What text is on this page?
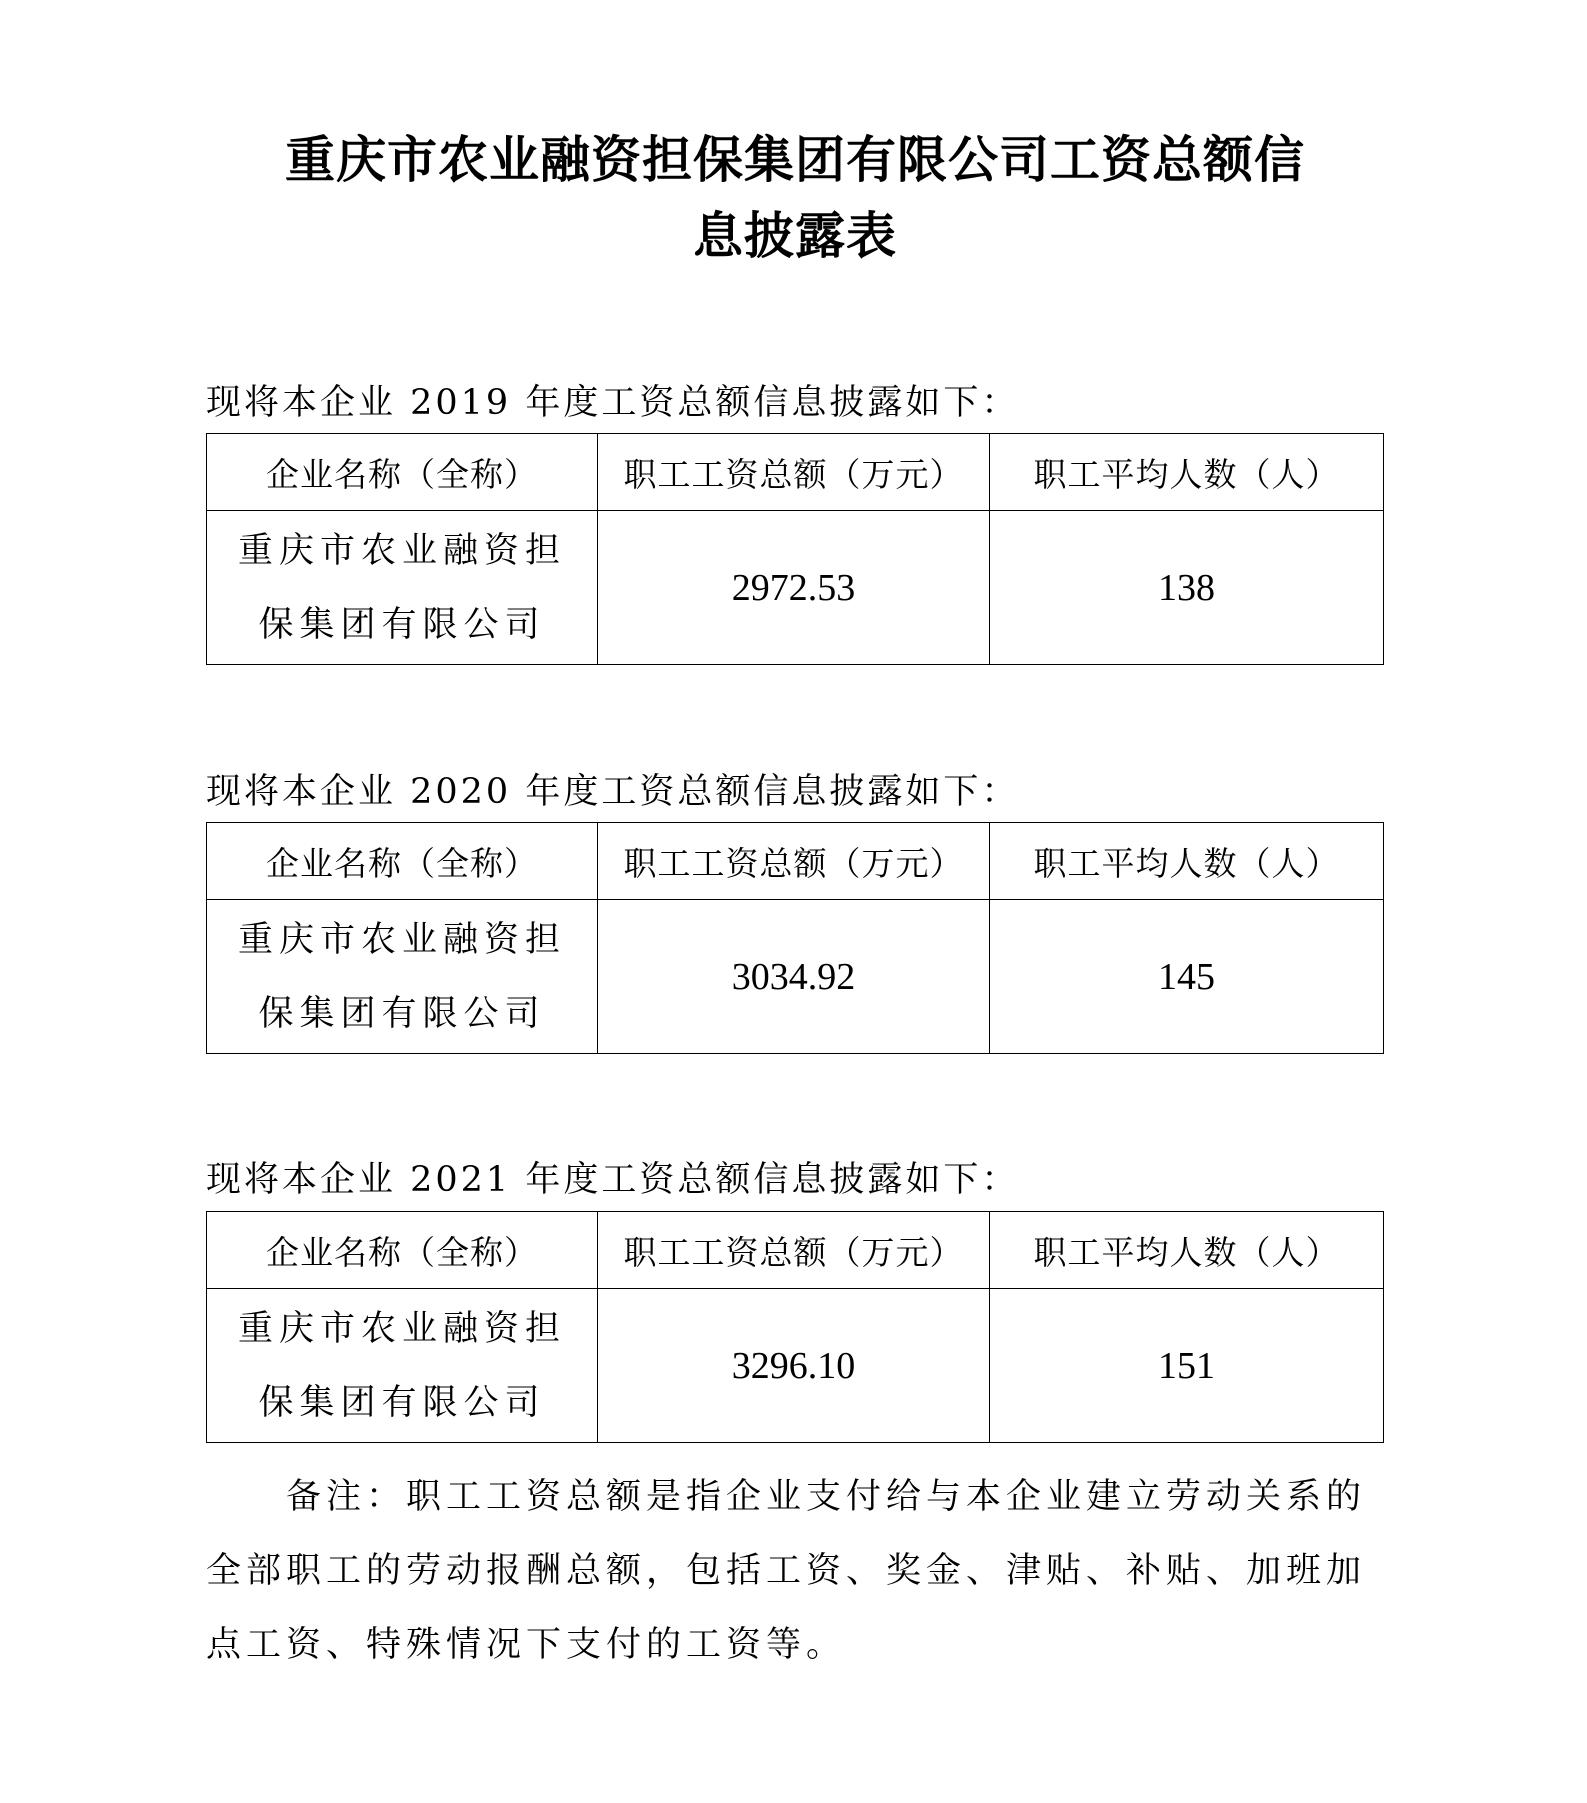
重庆市农业融资担保集团有限公司工资总额信
息披露表

现将本企业 2019 年度工资总额信息披露如下：

企业名称（全称）	职工工资总额（万元）	职工平均人数（人）
重庆市农业融资担
保集团有限公司	2972.53	138

现将本企业 2020 年度工资总额信息披露如下：

企业名称（全称）	职工工资总额（万元）	职工平均人数（人）
重庆市农业融资担
保集团有限公司	3034.92	145

现将本企业 2021 年度工资总额信息披露如下：

企业名称（全称）	职工工资总额（万元）	职工平均人数（人）
重庆市农业融资担
保集团有限公司	3296.10	151

备注：职工工资总额是指企业支付给与本企业建立劳动关系的全部职工的劳动报酬总额，包括工资、奖金、津贴、补贴、加班加点工资、特殊情况下支付的工资等。
